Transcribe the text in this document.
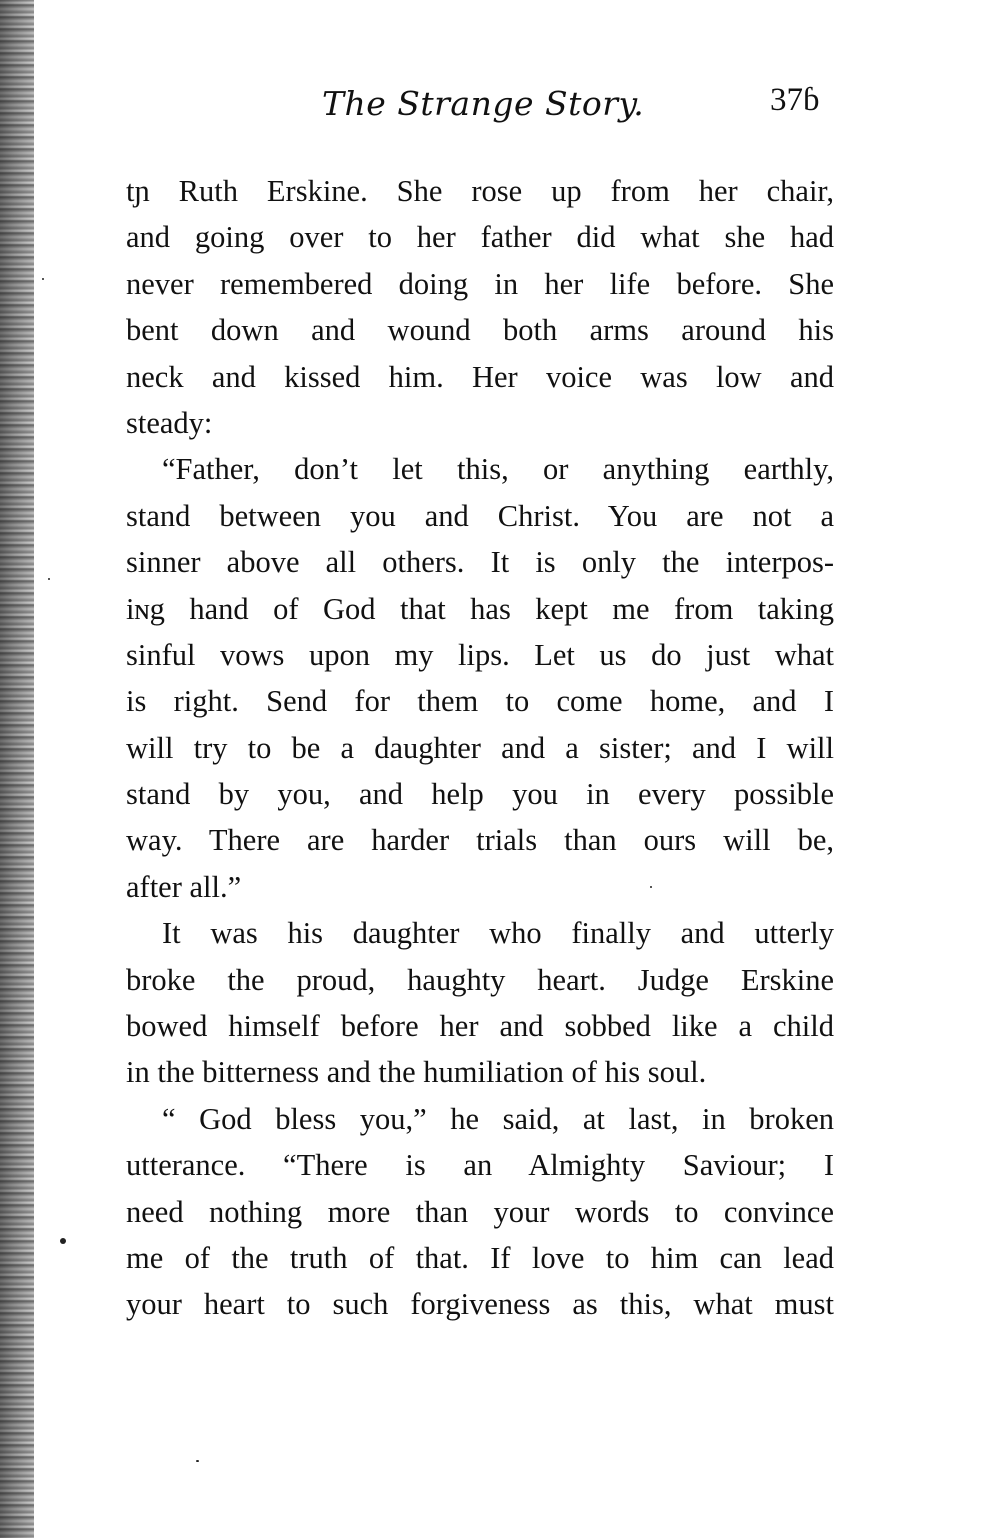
The Strange Story.	37ɓ
tɲ Ruth Erskine. She rose up from her chair,
and going over to her father did what she had
never remembered doing in her life before. She
bent down and wound both arms around his
neck and kissed him. Her voice was low and
steady:
“Father, don’t let this, or anything earthly,
stand between you and Christ. You are not a
sinner above all others. It is only the interpos-
iɴg hand of God that has kept me from taking
sinful vows upon my lips. Let us do just what
is right. Send for them to come home, and I
will try to be a daughter and a sister; and I will
stand by you, and help you in every possible
way. There are harder trials than ours will be,
after all.”
It was his daughter who finally and utterly
broke the proud, haughty heart. Judge Erskine
bowed himself before her and sobbed like a child
in the bitterness and the humiliation of his soul.
“ God bless you,” he said, at last, in broken
utterance. “There is an Almighty Saviour; I
need nothing more than your words to convince
me of the truth of that. If love to him can lead
your heart to such forgiveness as this, what must
